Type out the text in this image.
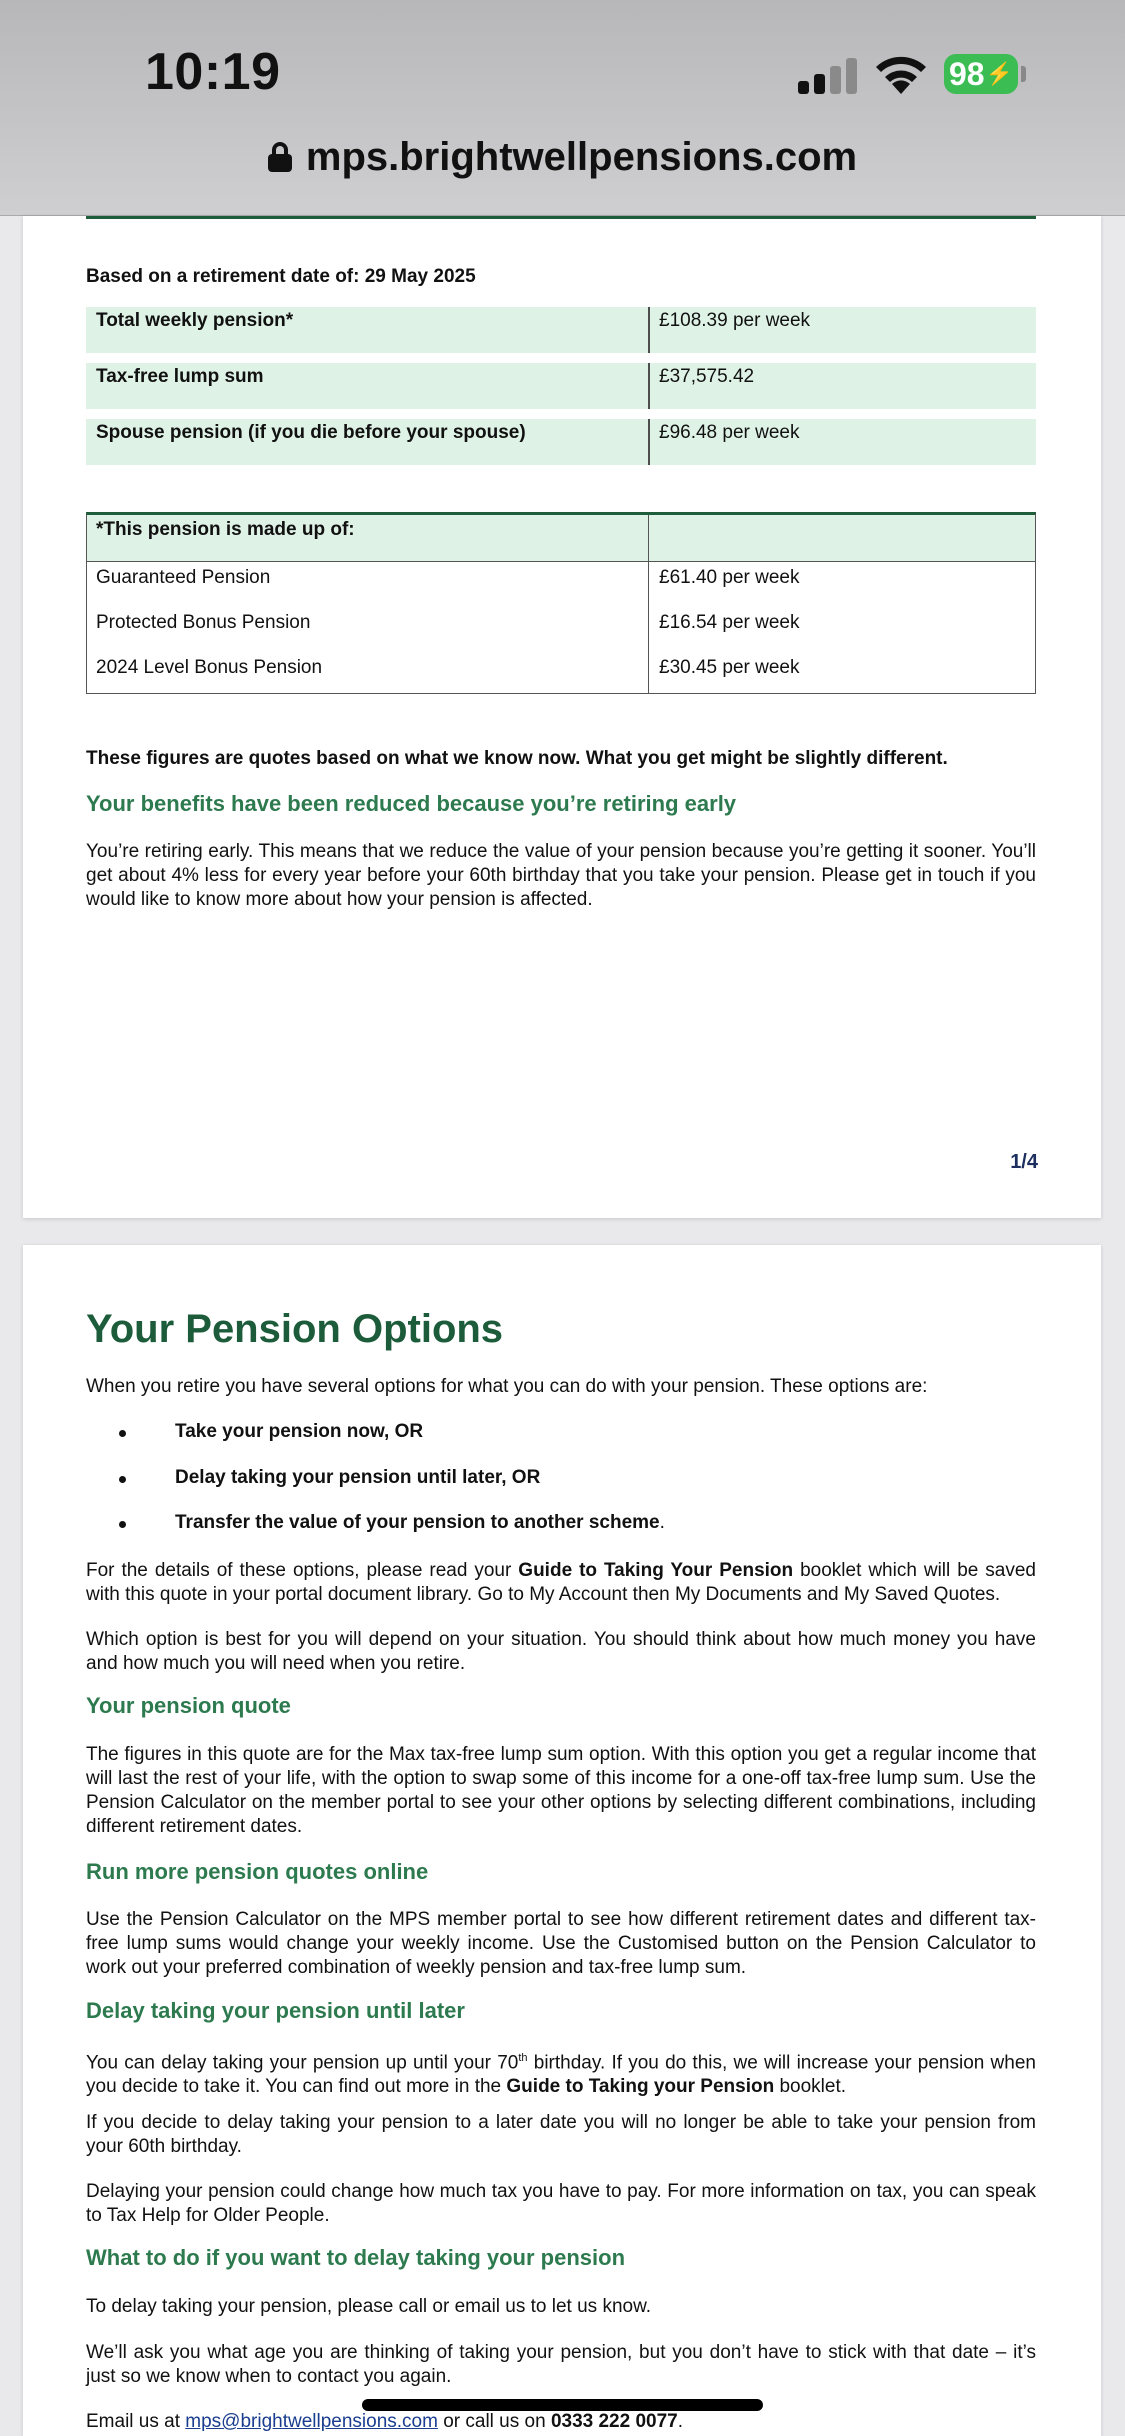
10:19	98 ⚡
mps.brightwellpensions.com
Based on a retirement date of: 29 May 2025
Total weekly pension*	£108.39 per week
Tax-free lump sum	£37,575.42
Spouse pension (if you die before your spouse)	£96.48 per week
*This pension is made up of:
Guaranteed Pension	£61.40 per week
Protected Bonus Pension	£16.54 per week
2024 Level Bonus Pension	£30.45 per week
These figures are quotes based on what we know now. What you get might be slightly different.
Your benefits have been reduced because you’re retiring early
You’re retiring early. This means that we reduce the value of your pension because you’re getting it sooner. You’ll get about 4% less for every year before your 60th birthday that you take your pension. Please get in touch if you would like to know more about how your pension is affected.
1/4
Your Pension Options
When you retire you have several options for what you can do with your pension. These options are:
Take your pension now, OR
Delay taking your pension until later, OR
Transfer the value of your pension to another scheme.
For the details of these options, please read your Guide to Taking Your Pension booklet which will be saved with this quote in your portal document library. Go to My Account then My Documents and My Saved Quotes.
Which option is best for you will depend on your situation. You should think about how much money you have and how much you will need when you retire.
Your pension quote
The figures in this quote are for the Max tax-free lump sum option. With this option you get a regular income that will last the rest of your life, with the option to swap some of this income for a one-off tax-free lump sum. Use the Pension Calculator on the member portal to see your other options by selecting different combinations, including different retirement dates.
Run more pension quotes online
Use the Pension Calculator on the MPS member portal to see how different retirement dates and different tax-free lump sums would change your weekly income. Use the Customised button on the Pension Calculator to work out your preferred combination of weekly pension and tax-free lump sum.
Delay taking your pension until later
You can delay taking your pension up until your 70th birthday. If you do this, we will increase your pension when you decide to take it. You can find out more in the Guide to Taking your Pension booklet.
If you decide to delay taking your pension to a later date you will no longer be able to take your pension from your 60th birthday.
Delaying your pension could change how much tax you have to pay. For more information on tax, you can speak to Tax Help for Older People.
What to do if you want to delay taking your pension
To delay taking your pension, please call or email us to let us know.
We’ll ask you what age you are thinking of taking your pension, but you don’t have to stick with that date – it’s just so we know when to contact you again.
Email us at mps@brightwellpensions.com or call us on 0333 222 0077.
